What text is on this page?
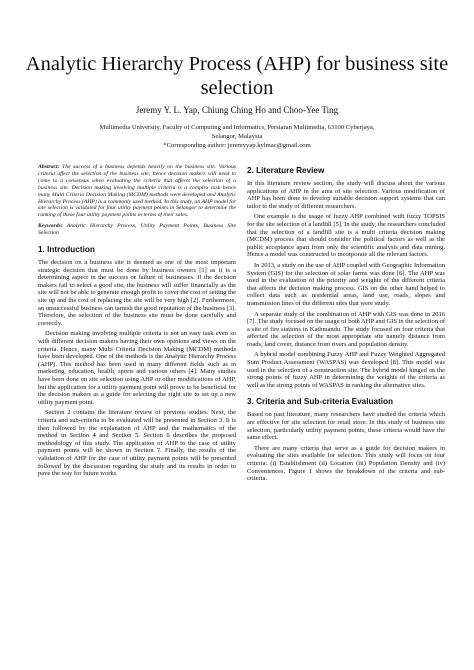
Analytic Hierarchy Process (AHP) for business site selection
Jeremy Y. L. Yap, Chiung Ching Ho and Choo-Yee Ting
Multimedia University, Faculty of Computing and Informatics, Persiaran Multimedia, 63100 Cyberjaya,
Selangor, Malaysia
*Corresponding author: jeremyyap.kylmac@gmail.com

Abstract: The success of a business depends heavily on the business site. Various criteria affect the selection of the business site; hence decision makers will need to come to a consensus when evaluating the criteria that affects the selection of a business site. Decision making involving multiple criteria is a complex task hence many Multi Criteria Decision Making (MCDM) methods were developed and Analytic Hierarchy Process (AHP) is a commonly used method. In this study, an AHP model for site selection is validated for four utility payment points in Selangor to determine the ranking of these four utility payment points in terms of their sales.

Keywords: Analytic Hierarchy Process, Utility Payment Points, Business Site Selection

1. Introduction

The decision on a business site is deemed as one of the most important strategic decision that must be done by business owners [1] as it is a determining aspect in the success or failure of businesses. If the decision makers fail to select a good site, the business will suffer financially as the site will not be able to generate enough profit to cover the cost of setting the site up and the cost of replacing the site will be very high [2]. Furthermore, an unsuccessful business can tarnish the good reputation of the business [3]. Therefore, the selection of the business site must be done carefully and correctly.

Decision making involving multiple criteria is not an easy task even so with different decision makers having their own opinions and views on the criteria. Hence, many Multi Criteria Decision Making (MCDM) methods have been developed. One of the methods is the Analytic Hierarchy Process (AHP). This method has been used in many different fields such as in marketing, education, health, sports and various others [4]. Many studies have been done on site selection using AHP or other modifications of AHP, but the application for a utility payment point will prove to be beneficial for the decision makers as a guide for selecting the right site to set up a new utility payment point.

Section 2 contains the literature review of previous studies. Next, the criteria and sub-criteria to be evaluated will be presented in Section 3. It is then followed by the explanation of AHP and the mathematics of the method in Section 4 and Section 5. Section 6 describes the proposed methodology of this study. The application of AHP to the case of utility payment points will be shown in Section 7. Finally, the results of the validation of AHP for the case of utility payment points will be presented followed by the discussion regarding the study and its results in order to pave the way for future works.

2. Literature Review

In this literature review section, the study will discuss about the various applications of AHP in the area of site selection. Various modification of AHP has been done to develop suitable decision support systems that can tailor to the study of different researchers.

One example is the usage of fuzzy AHP combined with fuzzy TOPSIS for the site selection of a landfill [5]. In the study, the researchers concluded that the selection of a landfill site is a multi criteria decision making (MCDM) process that should consider the political factors as well as the public acceptance apart from only the scientific analysis and data mining. Hence a model was constructed to incorporate all the relevant factors.

In 2013, a study on the use of AHP coupled with Geographic Information System (GIS) for the selection of solar farms was done [6]. The AHP was used in the evaluation of the priority and weights of the different criteria that affects the decision making process. GIS on the other hand helped to collect data such as residential areas, land use, roads, slopes and transmission lines of the different sites that were study.

A separate study of the combination of AHP with GIS was done in 2016 [7]. The study focused on the usage of both AHP and GIS in the selection of a site of fire stations in Kathmandu. The study focused on four criteria that affected the selection of the most appropriate site namely distance from roads, land cover, distance from rivers and population density.

A hybrid model combining Fuzzy AHP and Fuzzy Weighted Aggregated Sum Product Assessment (WASPAS) was developed [8]. This model was used in the selection of a construction site. The hybrid model hinged on the strong points of fuzzy AHP in determining the weights of the criteria as well as the strong points of WASPAS in ranking the alternative sites.

3. Criteria and Sub-criteria Evaluation

Based on past literature, many researchers have studied the criteria which are effective for site selection for retail store. In this study of business site selection, particularly utility payment points, these criteria would have the same effect.

There are many criteria that serve as a guide for decision makers in evaluating the sites available for selection. This study will focus on four criteria: (i) Establishment (ii) Location (iii) Population Density and (iv) Conveniences. Figure 1 shows the breakdown of the criteria and sub-criteria.
